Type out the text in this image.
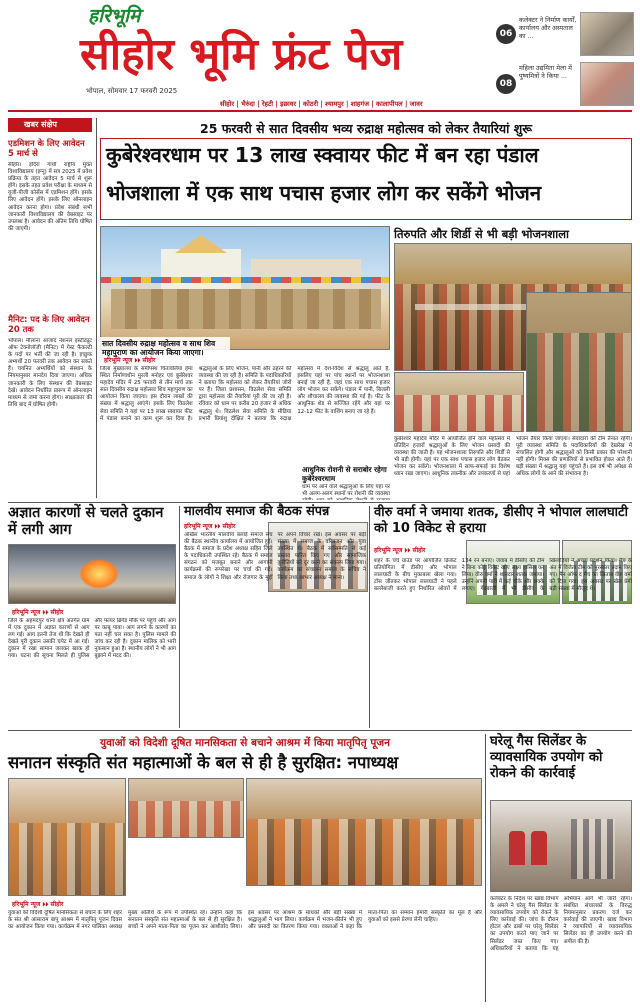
हरिभूमि
सीहोर भूमि फ्रंट पेज
भोपाल, सोमवार 17 फरवरी 2025
06
कलेक्टर ने निर्माण कार्यों, कार्यालय और अस्पताल का ...
08
महिला उद्यमिता मेला में पुष्यमित्रों ने किया ...
सीहोर | भैरुंदा | रेहटी | इछावर | कोठरी | श्यामपुर | शाहगंज | कालापीपल | जावर
खबर संक्षेप
एडमिशन के लिए आवेदन 5 मार्च से
सीहोर। इंदिरा गांधी राष्ट्रीय मुक्त विश्वविद्यालय (इग्नू) में सत्र 2025 में प्रवेश प्रक्रिया के तहत आवेदन 5 मार्च से शुरू होंगे। इसके तहत प्रवेश परीक्षा के माध्यम से यूजी-पीजी कोर्सेस में एडमिशन होंगे। इसके लिए आवेदन होंगे। इसके लिए ऑनलाइन आवेदन करना होगा। प्रवेश संबंधी सभी जानकारी विश्वविद्यालय की वेबसाइट पर उपलब्ध है। आवेदन की अंतिम तिथि घोषित की जाएगी।
मैनिट: पद के लिए आवेदन 20 तक
भोपाल। मौलाना आजाद नेशनल इंस्टीट्यूट ऑफ टेक्नोलॉजी (मैनिट) में गेस्ट फैकल्टी के पदों पर भर्ती की जा रही है। इच्छुक अभ्यर्थी 20 फरवरी तक आवेदन कर सकते हैं। चयनित अभ्यर्थियों को संस्थान के नियमानुसार मानदेय दिया जाएगा। अधिक जानकारी के लिए संस्थान की वेबसाइट देखें। आवेदन निर्धारित प्रारूप में ऑनलाइन माध्यम से जमा करना होगा। साक्षात्कार की तिथि बाद में घोषित होगी।
25 फरवरी से सात दिवसीय भव्य रुद्राक्ष महोत्सव को लेकर तैयारियां शुरू
कुबेरेश्वरधाम पर 13 लाख स्क्वायर फीट में बन रहा पंडाल
भोजशाला में एक साथ पचास हजार लोग कर सकेंगे भोजन
सात दिवसीय रुद्राक्ष महोत्सव व साथ शिव महापुराण का आयोजन किया जाएगा।
हरिभूमि न्यूज ⏵⏵ सीहोर
जिला मुख्यालय के समीपस्थ चितावलिया हेमा स्थित निर्माणाधीन मुरली मनोहर एवं कुबेरेश्वर महादेव मंदिर में 25 फरवरी से तीन मार्च तक सात दिवसीय रुद्राक्ष महोत्सव शिव महापुराण का आयोजन किया जाएगा। इस दौरान लाखों की संख्या में श्रद्धालु आएंगे। इसके लिए विठलेश सेवा समिति ने यहां पर 13 लाख स्क्वायर फीट में पंडाल बनाने का काम शुरू कर दिया है। श्रद्धालुओं के लिए भोजन, पानी और ठहरने की व्यवस्था की जा रही है। समिति के पदाधिकारियों ने बताया कि महोत्सव को लेकर तैयारियां जोरों पर हैं। जिला प्रशासन, विठलेश सेवा समिति द्वारा महोत्सव की तैयारियां पूरी की जा रही हैं। रविवार को धाम पर करीब 20 हजार से अधिक श्रद्धालु थे। विठलेश सेवा समिति के मीडिया प्रभारी प्रियांशु दीक्षित ने बताया कि रुद्राक्ष महोत्सव में देश-विदेश से श्रद्धालु आते हैं, इसलिए यहां पर पांच स्थानों पर भोजनशाला बनाई जा रही है, जहां एक साथ पचास हजार लोग भोजन कर सकेंगे। पंडाल में पानी, बिजली और शौचालय की व्यवस्था की गई है। फीट के आधुनिक शेड से सज्जित रहेंगे और यहां पर 12-12 फीट के वाशिंग बनाए जा रहे हैं।
आधुनिक रोशनी से सराबोर रहेगा कुबेरेश्वरधाम
धाम पर आने वाले श्रद्धालुओं के लिए यहां पर भी अलग-अलग स्थानों पर रोशनी की व्यवस्था
तिरुपति और शिर्डी से भी बड़ी भोजनशाला
कुबेरेश्वर महादेव मंदिर में आयोजित होने वाले महोत्सव में प्रतिदिन हजारों श्रद्धालुओं के लिए भोजन प्रसादी की व्यवस्था की जाती है। यह भोजनशाला तिरुपति और शिर्डी से भी बड़ी होगी। यहां पर एक साथ पचास हजार लोग बैठकर भोजन कर सकेंगे। भोजनशाला में साफ-सफाई का विशेष ध्यान रखा जाएगा। आधुनिक तकनीक और उपकरणों से यहां भोजन तैयार किया जाएगा। सेवादारों की टीम तैनात रहेगी। पूरी व्यवस्था समिति के पदाधिकारियों की देखरेख में संचालित होगी और श्रद्धालुओं को किसी प्रकार की परेशानी नहीं होगी। मिक्स की प्रणालियों से प्रभावित होकर आते हैं। बड़ी संख्या में श्रद्धालु यहां पहुंचते हैं। इस वर्ष भी अपेक्षा से अधिक लोगों के आने की संभावना है।
अज्ञात कारणों से चलते दुकान में लगी आग
हरिभूमि न्यूज ⏵⏵ सीहोर
जिले के अहमदपुर थाना क्षेत्र अंतर्गत ग्राम में एक दुकान में अज्ञात कारणों से आग लग गई। आग इतनी तेज थी कि देखते ही देखते पूरी दुकान उसकी चपेट में आ गई। दुकान में रखा सामान जलकर खाक हो गया। घटना की सूचना मिलते ही पुलिस और फायर ब्रिगेड मौके पर पहुंचे और आग पर काबू पाया। आग लगने के कारणों का पता नहीं चल सका है। पुलिस मामले की जांच कर रही है। दुकान मालिक को भारी नुकसान हुआ है। स्थानीय लोगों ने भी आग बुझाने में मदद की।
मालवीय समाज की बैठक संपन्न
हरिभूमि न्यूज ⏵⏵ सीहोर
अखिल भारतीय मालवीय बलाई समाज संघ की बैठक स्थानीय कार्यालय में आयोजित हुई। बैठक में समाज के प्रदेश अध्यक्ष सहित जिले के पदाधिकारी उपस्थित रहे। बैठक में समाज संगठन को मजबूत बनाने और आगामी कार्यक्रमों की रूपरेखा पर चर्चा की गई। समाज के लोगों ने शिक्षा और रोजगार के मुद्दों पर अपने विचार रखे। इस अवसर पर बड़ी संख्या में समाज के वरिष्ठजन और युवा उपस्थित थे। बैठक में सर्वसम्मति से कई प्रस्ताव पारित किए गए और सामाजिक कुरीतियों को दूर करने का संकल्प लिया गया। कार्यक्रम का संचालन समाज के सचिव ने किया तथा आभार अध्यक्ष ने माना।
वीरु वर्मा ने जमाया शतक, डीसीए ने भोपाल लालघाटी को 10 विकेट से हराया
हरिभूमि न्यूज ⏵⏵ सीहोर
शहर के चर्च ग्राउंड पर आयोजित क्रिकेट प्रतियोगिता में डीसीए और भोपाल लालघाटी के बीच मुकाबला खेला गया। टॉस जीतकर भोपाल लालघाटी ने पहले बल्लेबाजी करते हुए निर्धारित ओवरों में 134 रन बनाए। जवाब में डीसीए की टीम ने बिना कोई विकेट खोए लक्ष्य हासिल कर लिया। वीरु वर्मा ने शानदार शतक जमाया। उन्होंने अपनी पारी में कई चौके और छक्के लगाए। गेंदबाजी में भी डीसीए के खिलाड़ियों ने अच्छा प्रदर्शन किया। मैच के अंत में विजेता टीम को पुरस्कार प्रदान किए गए। मैन ऑफ द मैच का खिताब वीरु वर्मा को दिया गया। इस अवसर पर खेल प्रेमी बड़ी संख्या में मौजूद थे।
युवाओं को विदेशी दूषित मानसिकता से बचाने आश्रम में किया मातृपितृ पूजन
सनातन संस्कृति संत महात्माओं के बल से ही है सुरक्षित: नपाध्यक्ष
हरिभूमि न्यूज ⏵⏵ सीहोर
युवाओं को विदेशी दूषित मानसिकता से बचाने के लिए शहर के संत श्री आसाराम बापू आश्रम में मातृपितृ पूजन दिवस का आयोजन किया गया। कार्यक्रम में नगर पालिका अध्यक्ष मुख्य अतिथि के रूप में उपस्थित रहे। उन्होंने कहा कि सनातन संस्कृति संत महात्माओं के बल से ही सुरक्षित है। बच्चों ने अपने माता-पिता का पूजन कर आशीर्वाद लिया। इस अवसर पर आश्रम के साधकों और बड़ी संख्या में श्रद्धालुओं ने भाग लिया। कार्यक्रम में भजन-कीर्तन भी हुए और प्रसादी का वितरण किया गया। वक्ताओं ने कहा कि माता-पिता का सम्मान हमारी संस्कृति का मूल है और युवाओं को इससे प्रेरणा लेनी चाहिए।
घरेलू गैस सिलेंडर के व्यावसायिक उपयोग को रोकने की कार्रवाई
कलेक्टर के निर्देश पर खाद्य विभाग के अमले ने घरेलू गैस सिलेंडर के व्यावसायिक उपयोग को रोकने के लिए कार्रवाई की। जांच के दौरान होटल और ढाबों पर घरेलू सिलेंडर का उपयोग करते पाए जाने पर सिलेंडर जब्त किए गए। अधिकारियों ने बताया कि यह अभियान आगे भी जारी रहेगा। संबंधित संचालकों के विरुद्ध नियमानुसार प्रकरण दर्ज कर कार्रवाई की जाएगी। खाद्य विभाग ने व्यापारियों से व्यावसायिक सिलेंडर का ही उपयोग करने की अपील की है।
